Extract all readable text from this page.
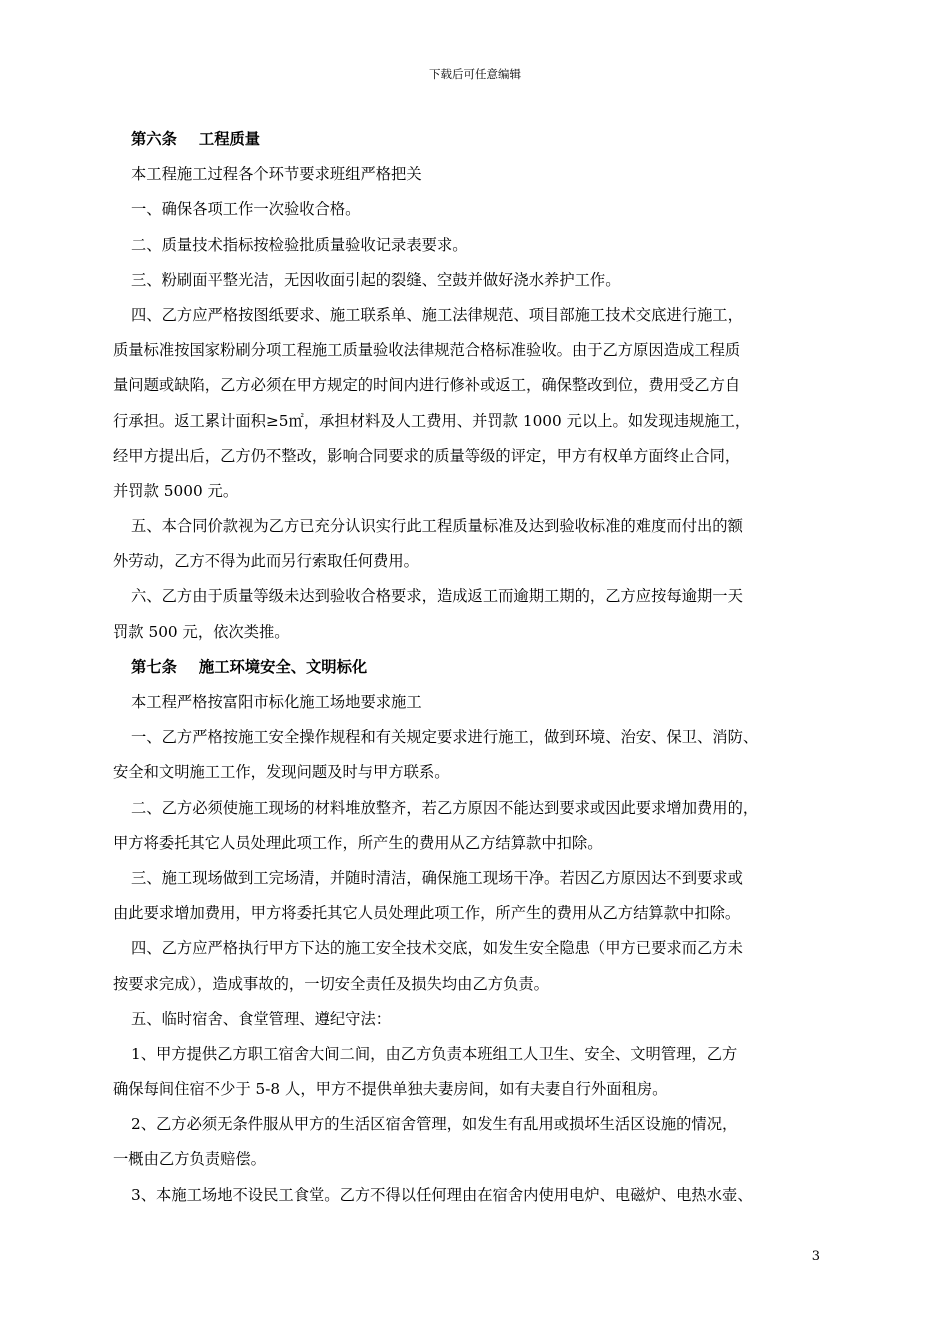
下载后可任意编辑
第六条 工程质量
本工程施工过程各个环节要求班组严格把关
一、确保各项工作一次验收合格。
二、质量技术指标按检验批质量验收记录表要求。
三、粉刷面平整光洁，无因收面引起的裂缝、空鼓并做好浇水养护工作。
四、乙方应严格按图纸要求、施工联系单、施工法律规范、项目部施工技术交底进行施工，
质量标准按国家粉刷分项工程施工质量验收法律规范合格标准验收。由于乙方原因造成工程质
量问题或缺陷，乙方必须在甲方规定的时间内进行修补或返工，确保整改到位，费用受乙方自
行承担。返工累计面积≥5㎡，承担材料及人工费用、并罚款 1000 元以上。如发现违规施工，
经甲方提出后，乙方仍不整改，影响合同要求的质量等级的评定，甲方有权单方面终止合同，
并罚款 5000 元。
五、本合同价款视为乙方已充分认识实行此工程质量标准及达到验收标准的难度而付出的额
外劳动，乙方不得为此而另行索取任何费用。
六、乙方由于质量等级未达到验收合格要求，造成返工而逾期工期的，乙方应按每逾期一天
罚款 500 元，依次类推。
第七条 施工环境安全、文明标化
本工程严格按富阳市标化施工场地要求施工
一、乙方严格按施工安全操作规程和有关规定要求进行施工，做到环境、治安、保卫、消防、
安全和文明施工工作，发现问题及时与甲方联系。
二、乙方必须使施工现场的材料堆放整齐，若乙方原因不能达到要求或因此要求增加费用的，
甲方将委托其它人员处理此项工作，所产生的费用从乙方结算款中扣除。
三、施工现场做到工完场清，并随时清洁，确保施工现场干净。若因乙方原因达不到要求或
由此要求增加费用，甲方将委托其它人员处理此项工作，所产生的费用从乙方结算款中扣除。
四、乙方应严格执行甲方下达的施工安全技术交底，如发生安全隐患（甲方已要求而乙方未
按要求完成），造成事故的，一切安全责任及损失均由乙方负责。
五、临时宿舍、食堂管理、遵纪守法：
1、甲方提供乙方职工宿舍大间二间，由乙方负责本班组工人卫生、安全、文明管理，乙方
确保每间住宿不少于 5-8 人，甲方不提供单独夫妻房间，如有夫妻自行外面租房。
2、乙方必须无条件服从甲方的生活区宿舍管理，如发生有乱用或损坏生活区设施的情况，
一概由乙方负责赔偿。
3、本施工场地不设民工食堂。乙方不得以任何理由在宿舍内使用电炉、电磁炉、电热水壶、
3
